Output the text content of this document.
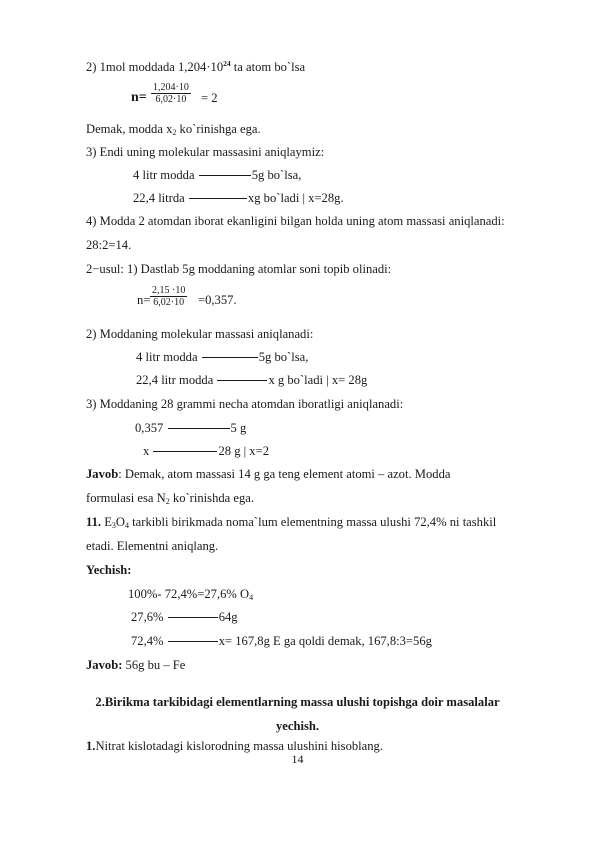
2) 1mol moddada $1,204\cdot 10^{24}$ ta atom bo`lsa
$n= \frac{1,204\cdot 10}{6,02\cdot 10} = 2$
Demak, modda $x_2$ ko`rinishga ega.
3) Endi uning molekular massasini aniqlaymiz:
4 litr modda	5g bo`lsa,
22,4 litrda	xg bo`ladi | x=28g.
4) Modda 2 atomdan iborat ekanligini bilgan holda uning atom massasi aniqlanadi:
28:2=14.
2−usul: 1) Dastlab 5g moddaning atomlar soni topib olinadi:
$n= \frac{2,15 \cdot 10}{6,02\cdot 10} =0,357$.
2) Moddaning molekular massasi aniqlanadi:
4 litr modda	5g bo`lsa,
22,4 litr modda	x g bo`ladi | x= 28g
3) Moddaning 28 grammi necha atomdan iboratligi aniqlanadi:
0,357	5 g
x	28 g | x=2
Javob: Demak, atom massasi 14 g ga teng element atomi – azot. Modda
formulasi esa $N_2$ ko`rinishda ega.
11. $E_3O_4$ tarkibli birikmada noma`lum elementning massa ulushi 72,4% ni tashkil
etadi. Elementni aniqlang.
Yechish:
100%- 72,4%=27,6% $O_4$
27,6%	64g
72,4%	x= 167,8g E ga qoldi demak, 167,8:3=56g
Javob: 56g bu – Fe
2.Birikma tarkibidagi elementlarning massa ulushi topishga doir masalalar
yechish.
1.Nitrat kislotadagi kislorodning massa ulushini hisoblang.
14
